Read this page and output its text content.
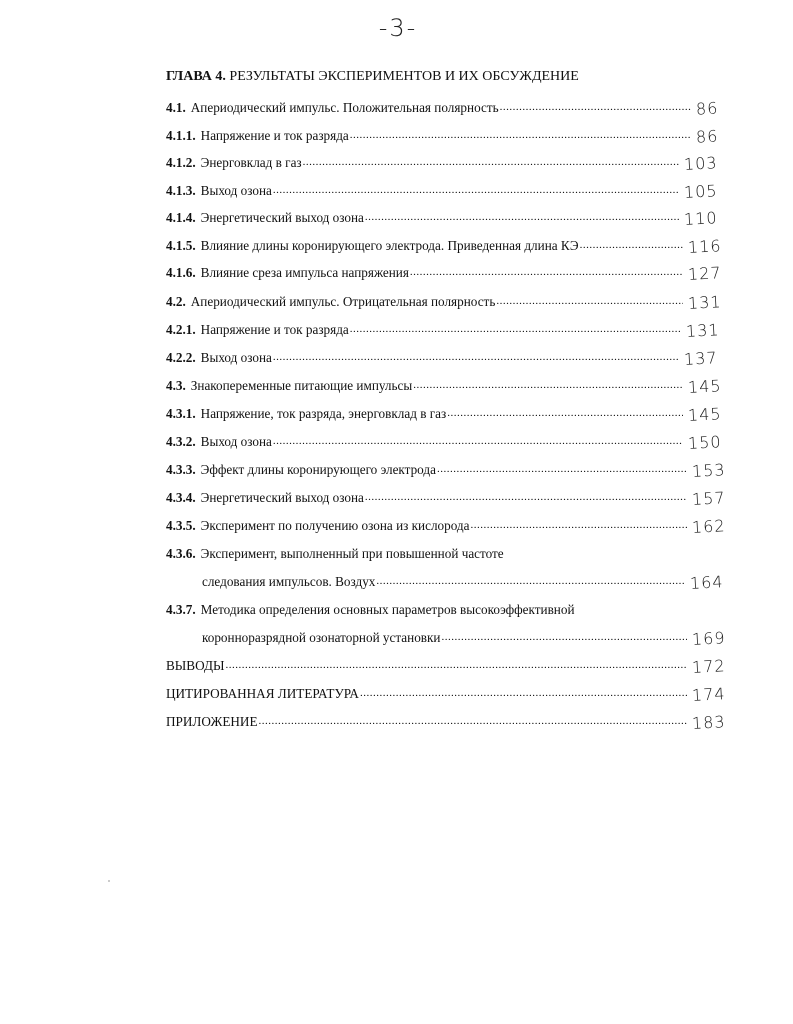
-3-
ГЛАВА 4. РЕЗУЛЬТАТЫ ЭКСПЕРИМЕНТОВ И ИХ ОБСУЖДЕНИЕ
4.1. Апериодический импульс. Положительная полярность .....	86
4.1.1. Напряжение и ток разряда .....	86
4.1.2. Энерговклад в газ .....	103
4.1.3. Выход озона .....	105
4.1.4. Энергетический выход озона .....	110
4.1.5. Влияние длины коронирующего электрода. Приведенная длина КЭ .....	116
4.1.6. Влияние среза импульса напряжения .....	127
4.2. Апериодический импульс. Отрицательная полярность .....	131
4.2.1. Напряжение и ток разряда .....	131
4.2.2. Выход озона .....	137
4.3. Знакопеременные питающие импульсы .....	145
4.3.1. Напряжение, ток разряда, энерговклад в газ .....	145
4.3.2. Выход озона .....	150
4.3.3. Эффект длины коронирующего электрода .....	153
4.3.4. Энергетический выход озона .....	157
4.3.5. Эксперимент по получению озона из кислорода .....	162
4.3.6. Эксперимент, выполненный при повышенной частоте
следования импульсов. Воздух .....	164
4.3.7. Методика определения основных параметров высокоэффективной
коронноразрядной озонаторной установки .....	169
ВЫВОДЫ .....	172
ЦИТИРОВАННАЯ ЛИТЕРАТУРА .....	174
ПРИЛОЖЕНИЕ .....	183
